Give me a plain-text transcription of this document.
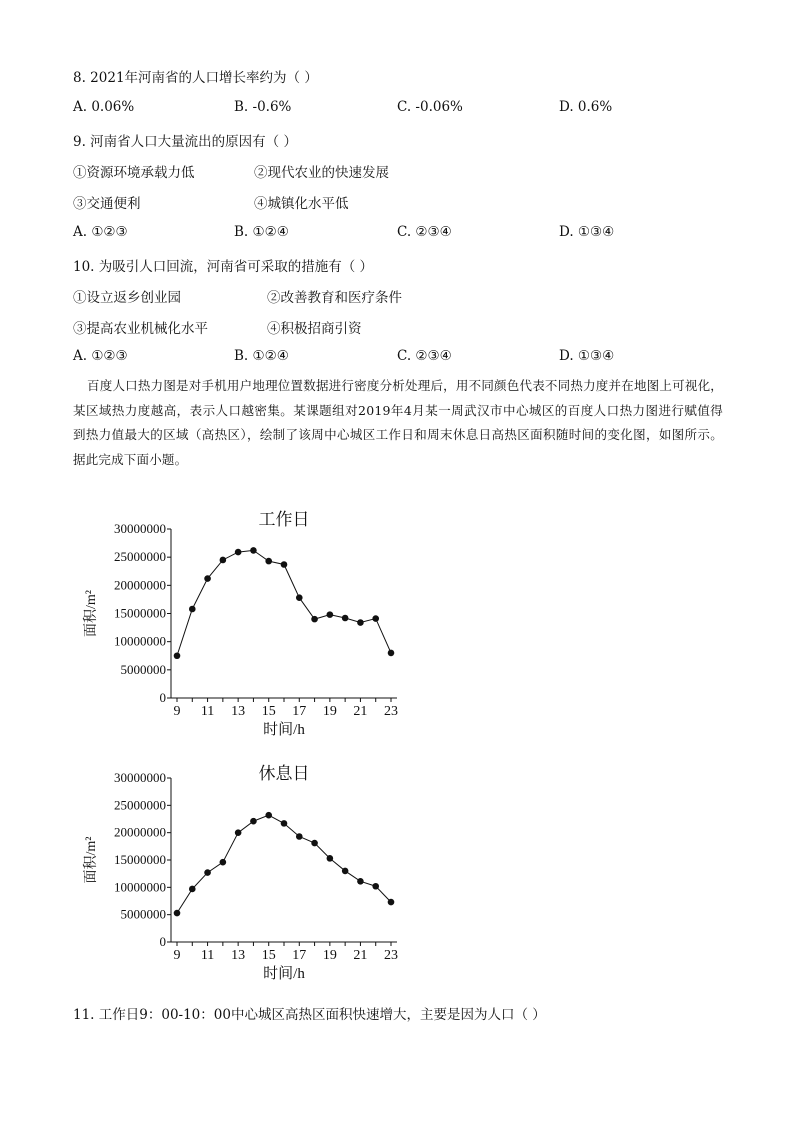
8. 2021年河南省的人口增长率约为（ ）
A. 0.06%	B. -0.6%	C. -0.06%	D. 0.6%
9. 河南省人口大量流出的原因有（ ）
①资源环境承载力低	②现代农业的快速发展
③交通便利	④城镇化水平低
A. ①②③	B. ①②④	C. ②③④	D. ①③④
10. 为吸引人口回流，河南省可采取的措施有（ ）
①设立返乡创业园	②改善教育和医疗条件
③提高农业机械化水平	④积极招商引资
A. ①②③	B. ①②④	C. ②③④	D. ①③④
百度人口热力图是对手机用户地理位置数据进行密度分析处理后，用不同颜色代表不同热力度并在地图上可视化，某区域热力度越高，表示人口越密集。某课题组对2019年4月某一周武汉市中心城区的百度人口热力图进行赋值得到热力值最大的区域（高热区），绘制了该周中心城区工作日和周末休息日高热区面积随时间的变化图，如图所示。据此完成下面小题。
0
5000000
10000000
15000000
20000000
25000000
30000000
9 11 13 15 17 19 21 23
工作日
时间/h
面积/m²
0
5000000
10000000
15000000
20000000
25000000
30000000
9 11 13 15 17 19 21 23
休息日
时间/h
面积/m²
11. 工作日9：00-10：00中心城区高热区面积快速增大，主要是因为人口（ ）
